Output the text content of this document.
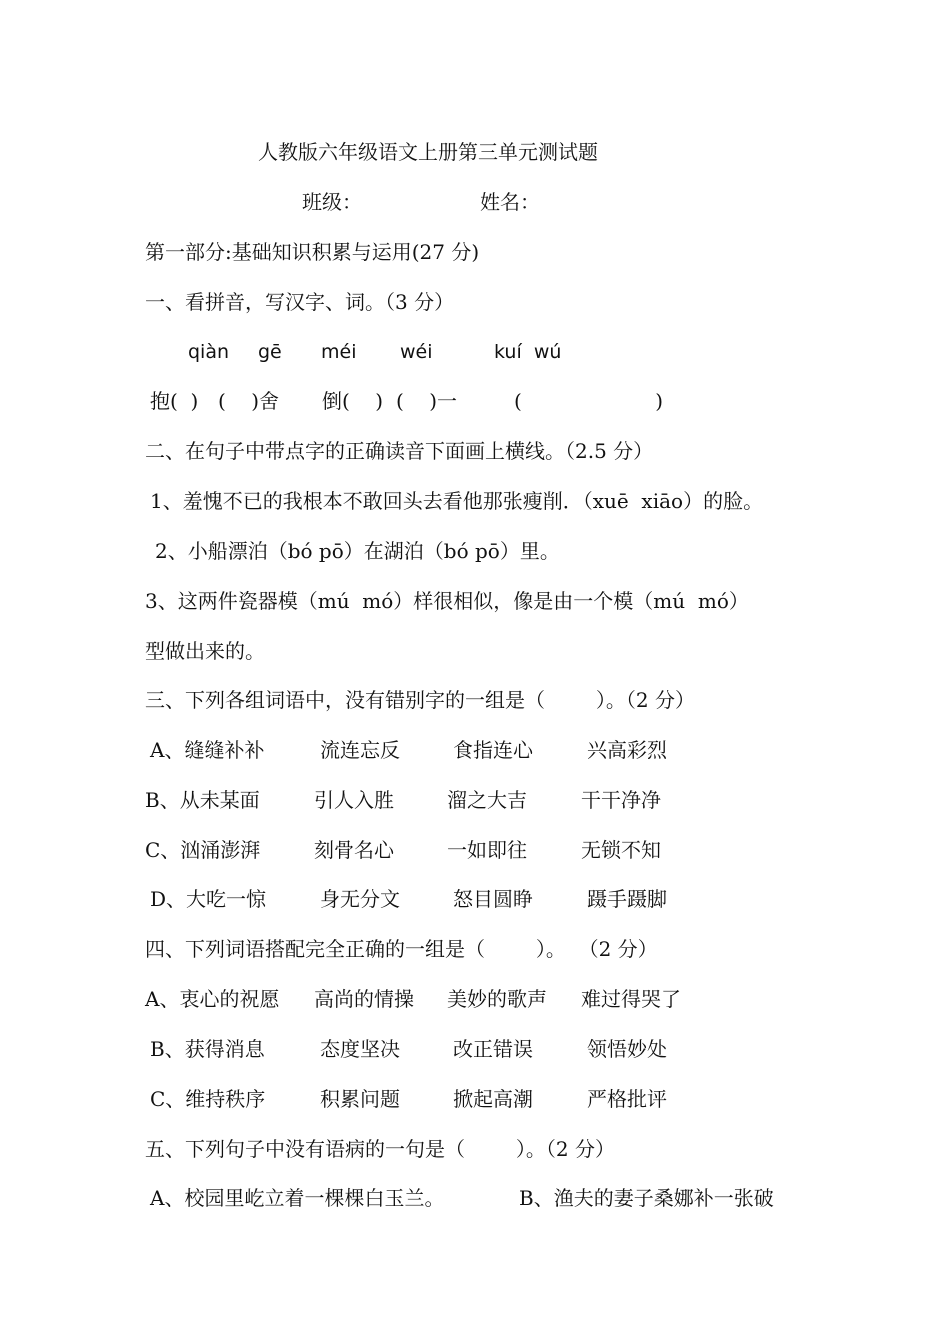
人教版六年级语文上册第三单元测试题
班级：	姓名：
第一部分:基础知识积累与运用(27 分)
一、看拼音，写汉字、词。（3 分）
qiàn gē méi wéi	kuí  wú
抱(  ) (    )舍 倒(    ) (    )一	(                     )
二、在句子中带点字的正确读音下面画上横线。（2.5 分）
1、羞愧不已的我根本不敢回头去看他那张瘦削．（xuē  xiāo）的脸。
2、小船漂泊（bó pō）在湖泊（bó pō）里。
3、这两件瓷器模（mú  mó）样很相似，像是由一个模（mú  mó）
型做出来的。
三、下列各组词语中，没有错别字的一组是（        ）。（2 分）
A、缝缝补补	流连忘反	食指连心	兴高彩烈
B、从未某面	引人入胜	溜之大吉	干干净净
C、汹涌澎湃	刻骨名心	一如即往	无锁不知
D、大吃一惊	身无分文	怒目圆睁	蹑手蹑脚
四、下列词语搭配完全正确的一组是（        ）。  （2 分）
A、衷心的祝愿 高尚的情操 美妙的歌声 难过得哭了
B、获得消息	态度坚决	改正错误	领悟妙处
C、维持秩序	积累问题	掀起高潮	严格批评
五、下列句子中没有语病的一句是（        ）。（2 分）
A、校园里屹立着一棵棵白玉兰。	B、渔夫的妻子桑娜补一张破
